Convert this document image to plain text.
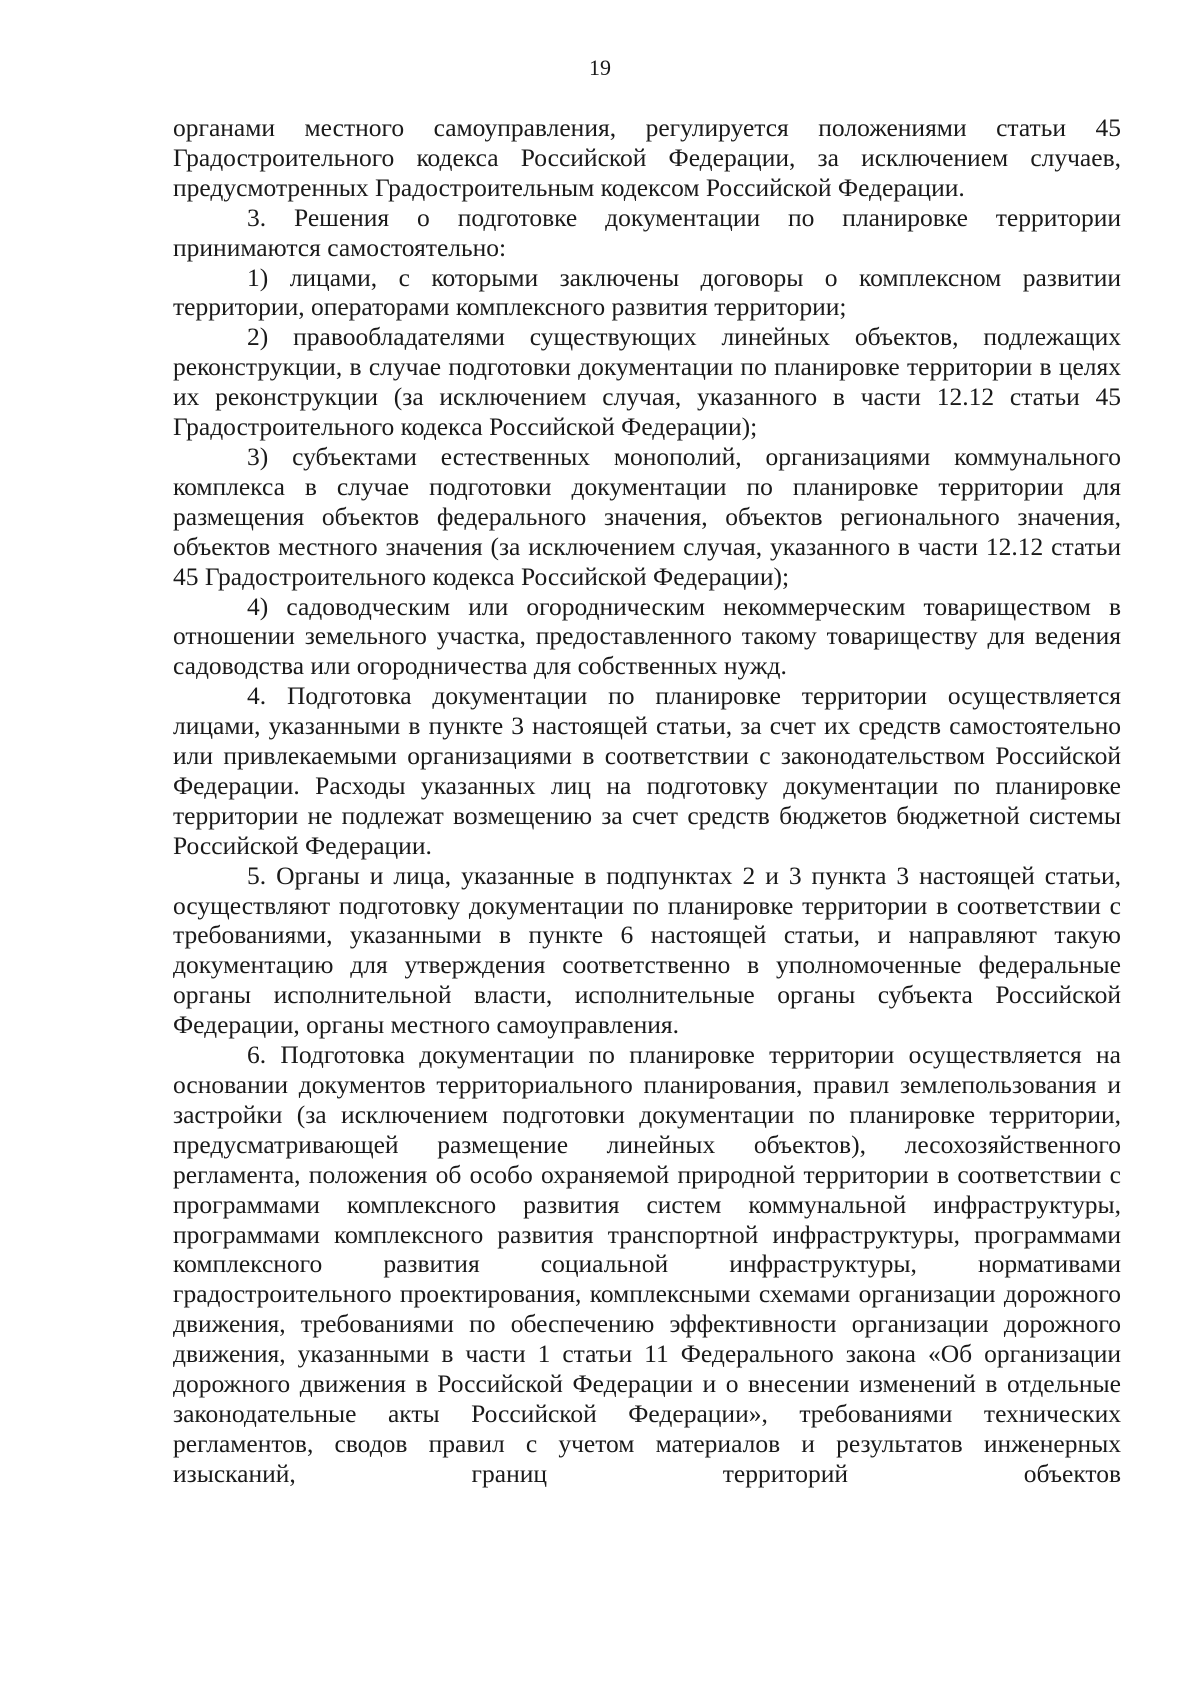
19

органами местного самоуправления, регулируется положениями статьи 45 Градостроительного кодекса Российской Федерации, за исключением случаев, предусмотренных Градостроительным кодексом Российской Федерации.

3. Решения о подготовке документации по планировке территории принимаются самостоятельно:

1) лицами, с которыми заключены договоры о комплексном развитии территории, операторами комплексного развития территории;

2) правообладателями существующих линейных объектов, подлежащих реконструкции, в случае подготовки документации по планировке территории в целях их реконструкции (за исключением случая, указанного в части 12.12 статьи 45 Градостроительного кодекса Российской Федерации);

3) субъектами естественных монополий, организациями коммунального комплекса в случае подготовки документации по планировке территории для размещения объектов федерального значения, объектов регионального значения, объектов местного значения (за исключением случая, указанного в части 12.12 статьи 45 Градостроительного кодекса Российской Федерации);

4) садоводческим или огородническим некоммерческим товариществом в отношении земельного участка, предоставленного такому товариществу для ведения садоводства или огородничества для собственных нужд.

4. Подготовка документации по планировке территории осуществляется лицами, указанными в пункте 3 настоящей статьи, за счет их средств самостоятельно или привлекаемыми организациями в соответствии с законодательством Российской Федерации. Расходы указанных лиц на подготовку документации по планировке территории не подлежат возмещению за счет средств бюджетов бюджетной системы Российской Федерации.

5. Органы и лица, указанные в подпунктах 2 и 3 пункта 3 настоящей статьи, осуществляют подготовку документации по планировке территории в соответствии с требованиями, указанными в пункте 6 настоящей статьи, и направляют такую документацию для утверждения соответственно в уполномоченные федеральные органы исполнительной власти, исполнительные органы субъекта Российской Федерации, органы местного самоуправления.

6. Подготовка документации по планировке территории осуществляется на основании документов территориального планирования, правил землепользования и застройки (за исключением подготовки документации по планировке территории, предусматривающей размещение линейных объектов), лесохозяйственного регламента, положения об особо охраняемой природной территории в соответствии с программами комплексного развития систем коммунальной инфраструктуры, программами комплексного развития транспортной инфраструктуры, программами комплексного развития социальной инфраструктуры, нормативами градостроительного проектирования, комплексными схемами организации дорожного движения, требованиями по обеспечению эффективности организации дорожного движения, указанными в части 1 статьи 11 Федерального закона «Об организации дорожного движения в Российской Федерации и о внесении изменений в отдельные законодательные акты Российской Федерации», требованиями технических регламентов, сводов правил с учетом материалов и результатов инженерных изысканий, границ территорий объектов
